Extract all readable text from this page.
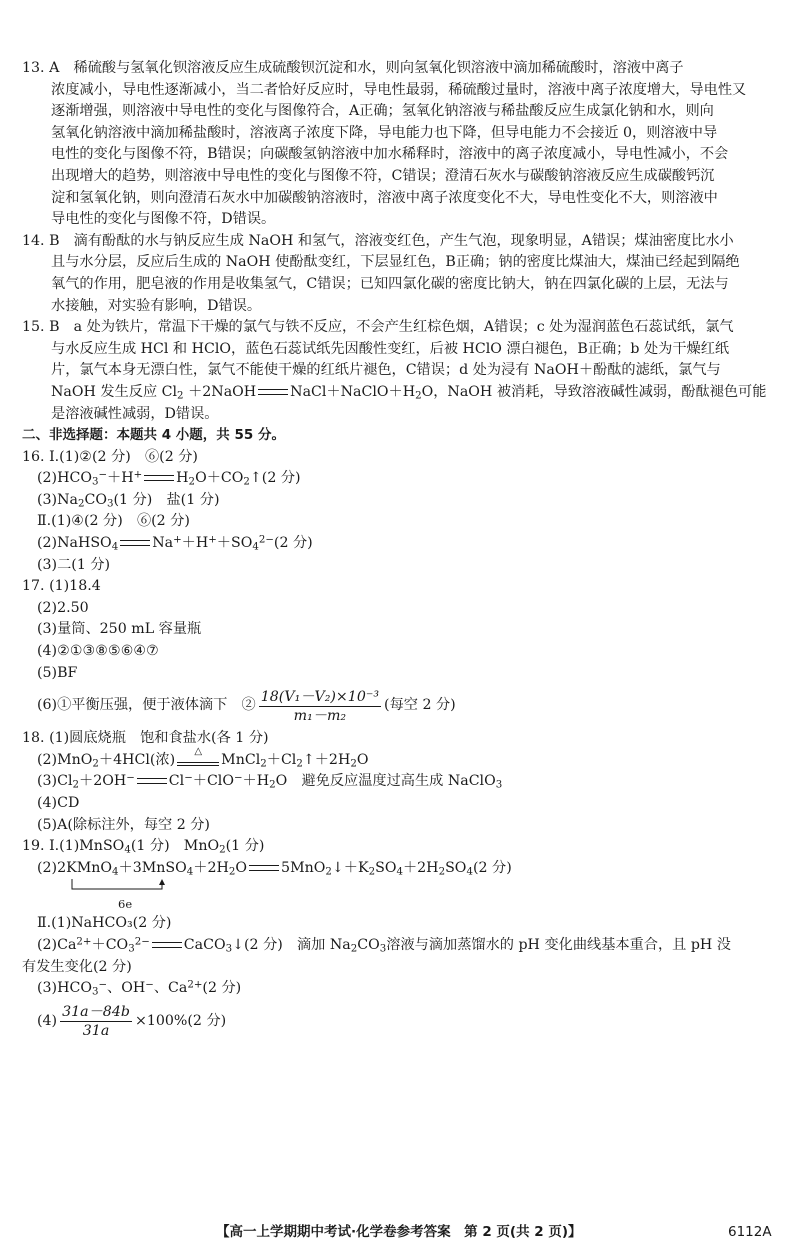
13. A　稀硫酸与氢氧化钡溶液反应生成硫酸钡沉淀和水，则向氢氧化钡溶液中滴加稀硫酸时，溶液中离子

浓度减小，导电性逐渐减小，当二者恰好反应时，导电性最弱，稀硫酸过量时，溶液中离子浓度增大，导电性又

逐渐增强，则溶液中导电性的变化与图像符合，A正确；氢氧化钠溶液与稀盐酸反应生成氯化钠和水，则向

氢氧化钠溶液中滴加稀盐酸时，溶液离子浓度下降，导电能力也下降，但导电能力不会接近 0，则溶液中导

电性的变化与图像不符，B错误；向碳酸氢钠溶液中加水稀释时，溶液中的离子浓度减小，导电性减小，不会

出现增大的趋势，则溶液中导电性的变化与图像不符，C错误；澄清石灰水与碳酸钠溶液反应生成碳酸钙沉

淀和氢氧化钠，则向澄清石灰水中加碳酸钠溶液时，溶液中离子浓度变化不大，导电性变化不大，则溶液中

导电性的变化与图像不符，D错误。

14. B　滴有酚酞的水与钠反应生成 NaOH 和氢气，溶液变红色，产生气泡，现象明显，A错误；煤油密度比水小

且与水分层，反应后生成的 NaOH 使酚酞变红，下层显红色，B正确；钠的密度比煤油大，煤油已经起到隔绝

氧气的作用，肥皂液的作用是收集氢气，C错误；已知四氯化碳的密度比钠大，钠在四氯化碳的上层，无法与

水接触，对实验有影响，D错误。

15. B　a 处为铁片，常温下干燥的氯气与铁不反应，不会产生红棕色烟，A错误；c 处为湿润蓝色石蕊试纸，氯气

与水反应生成 HCl 和 HClO，蓝色石蕊试纸先因酸性变红，后被 HClO 漂白褪色，B正确；b 处为干燥红纸

片，氯气本身无漂白性，氯气不能使干燥的红纸片褪色，C错误；d 处为浸有 NaOH＋酚酞的滤纸，氯气与

NaOH 发生反应 $Cl_2$ ＋2NaOH $NaCl+NaClO+H_2O$，NaOH 被消耗，导致溶液碱性减弱，酚酞褪色可能

是溶液碱性减弱，D错误。

二、非选择题：本题共 4 小题，共 55 分。

16. Ⅰ.(1)②(2 分)　⑥(2 分)

$(2)HCO_3^-+H^+$ $H_2O+CO_2↑(2$ 分)

$(3)Na_2CO_3(1$ 分)　盐(1 分)

Ⅱ.(1)④(2 分)　⑥(2 分)

(2)NaHSO$_4$ $Na^++H^++SO_4^{2-}(2$ 分)

(3)二(1 分)

17. (1)18.4

(2)2.50

(3)量筒、250 mL 容量瓶

(4)②①③⑧⑤⑥④⑦

(5)BF

(6)①平衡压强，便于液体滴下　② $\frac{\text{18(V₁－V₂)×10⁻³}}{\text{m₁－m₂}}$ (每空 2 分)

18. (1)圆底烧瓶　饱和食盐水(各 1 分)

(2)MnO$_2$＋4HCl(浓)
△
$MnCl_2+Cl_2↑+2H_2O$

$(3)Cl_2+2OH^-$ $Cl^-+ClO^-+H_2O$　避免反应温度过高生成 NaClO$_3$

(4)CD

(5)A(除标注外，每空 2 分)

19. Ⅰ.(1)MnSO$_4$(1 分)　MnO$_2$(1 分)

$(2)2KMnO_4+3MnSO_4+2H_2O$ $5MnO_2↓+K_2SO_4+2H_2SO_4(2$ 分)

6e

Ⅱ.(1)NaHCO₃(2 分)

$(2)Ca^{2+}+CO_3^{2-}$ CaCO$_3$↓(2 分)　滴加 $Na_2CO_3$溶液与滴加蒸馏水的 pH 变化曲线基本重合，且 pH 没

有发生变化(2 分)

$(3)HCO_3^-$、OH−、$Ca^{2+}(2$ 分)

$(4) \frac{31a-84b}{31a} \times 100\%(2$ 分)

【高一上学期期中考试·化学卷参考答案　第 2 页(共 2 页)】	6112A
